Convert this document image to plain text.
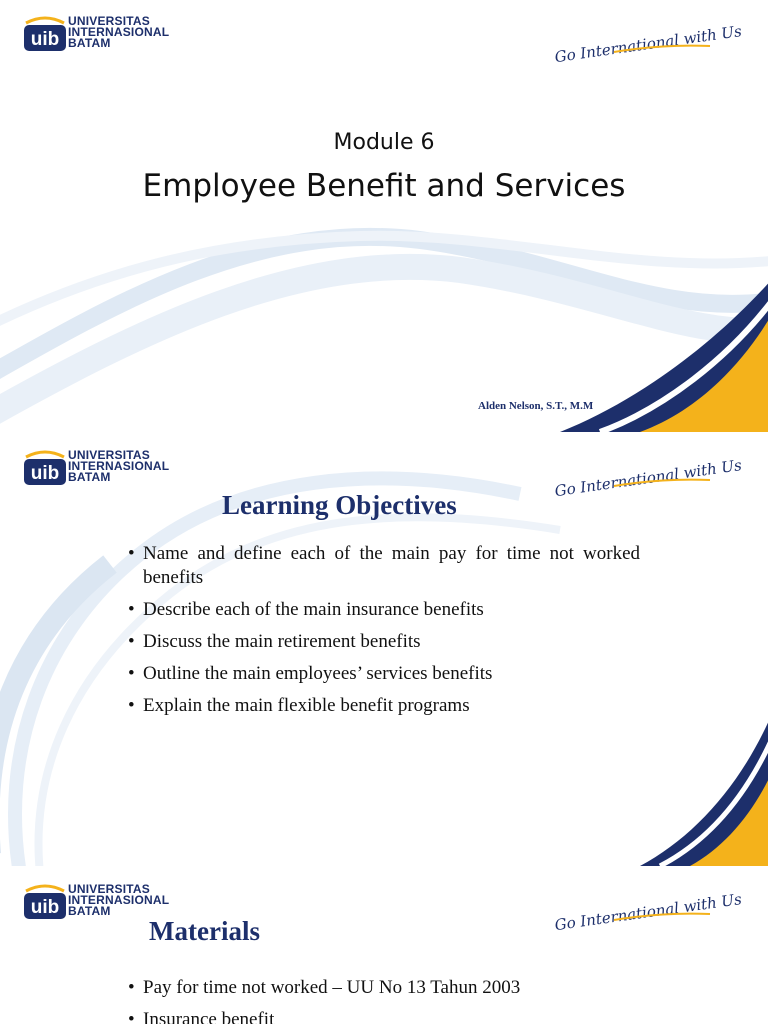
uib
UNIVERSITAS
INTERNASIONAL
BATAM	Go International with Us
Module 6
Employee Benefit and Services
Alden Nelson, S.T., M.M
uib
UNIVERSITAS
INTERNASIONAL
BATAM	Go International with Us
Learning Objectives
• Name and define each of the main pay for time not worked benefits
• Describe each of the main insurance benefits
• Discuss the main retirement benefits
• Outline the main employees’ services benefits
• Explain the main flexible benefit programs
uib
UNIVERSITAS
INTERNASIONAL
BATAM	Go International with Us
Materials
• Pay for time not worked – UU No 13 Tahun 2003
• Insurance benefit
